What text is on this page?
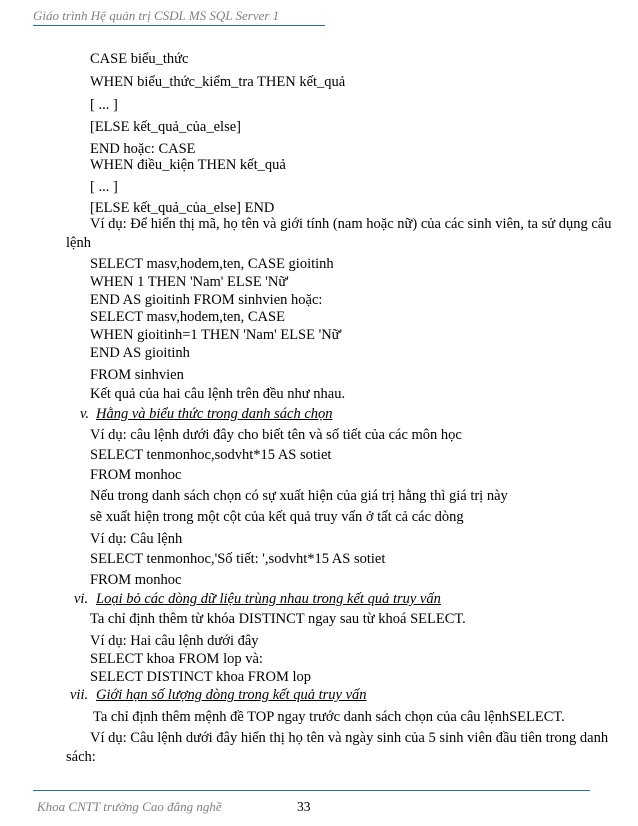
Giáo trình Hệ quản trị CSDL MS SQL Server 1
CASE biểu_thức
WHEN biểu_thức_kiểm_tra THEN kết_quả
[ ... ]
[ELSE kết_quả_của_else]
END hoặc: CASE
WHEN điều_kiện THEN kết_quả
[ ... ]
[ELSE kết_quả_của_else] END
Ví dụ: Để hiển thị mã, họ tên và giới tính (nam hoặc nữ) của các sinh viên, ta sử dụng câu
lệnh
SELECT masv,hodem,ten, CASE gioitinh
WHEN 1 THEN 'Nam' ELSE 'Nữ'
END AS gioitinh FROM sinhvien hoặc:
SELECT masv,hodem,ten, CASE
WHEN gioitinh=1 THEN 'Nam' ELSE 'Nữ'
END AS gioitinh
FROM sinhvien
Kết quả của hai câu lệnh trên đều như nhau.
v. Hằng và biểu thức trong danh sách chọn
Ví dụ: câu lệnh dưới đây cho biết tên và số tiết của các môn học
SELECT tenmonhoc,sodvht*15 AS sotiet
FROM monhoc
Nếu trong danh sách chọn có sự xuất hiện của giá trị hằng thì giá trị này
sẽ xuất hiện trong một cột của kết quả truy vấn ở tất cả các dòng
Ví dụ: Câu lệnh
SELECT tenmonhoc,'Số tiết: ',sodvht*15 AS sotiet
FROM monhoc
vi. Loại bỏ các dòng dữ liệu trùng nhau trong kết quả truy vấn
Ta chỉ định thêm từ khóa DISTINCT ngay sau từ khoá SELECT.
Ví dụ: Hai câu lệnh dưới đây
SELECT khoa FROM lop và:
SELECT DISTINCT khoa FROM lop
vii. Giới hạn số lượng dòng trong kết quả truy vấn
Ta chỉ định thêm mệnh đề TOP ngay trước danh sách chọn của câu lệnhSELECT.
Ví dụ: Câu lệnh dưới đây hiển thị họ tên và ngày sinh của 5 sinh viên đầu tiên trong danh
sách:
Khoa CNTT trường Cao đẳng nghề	33
